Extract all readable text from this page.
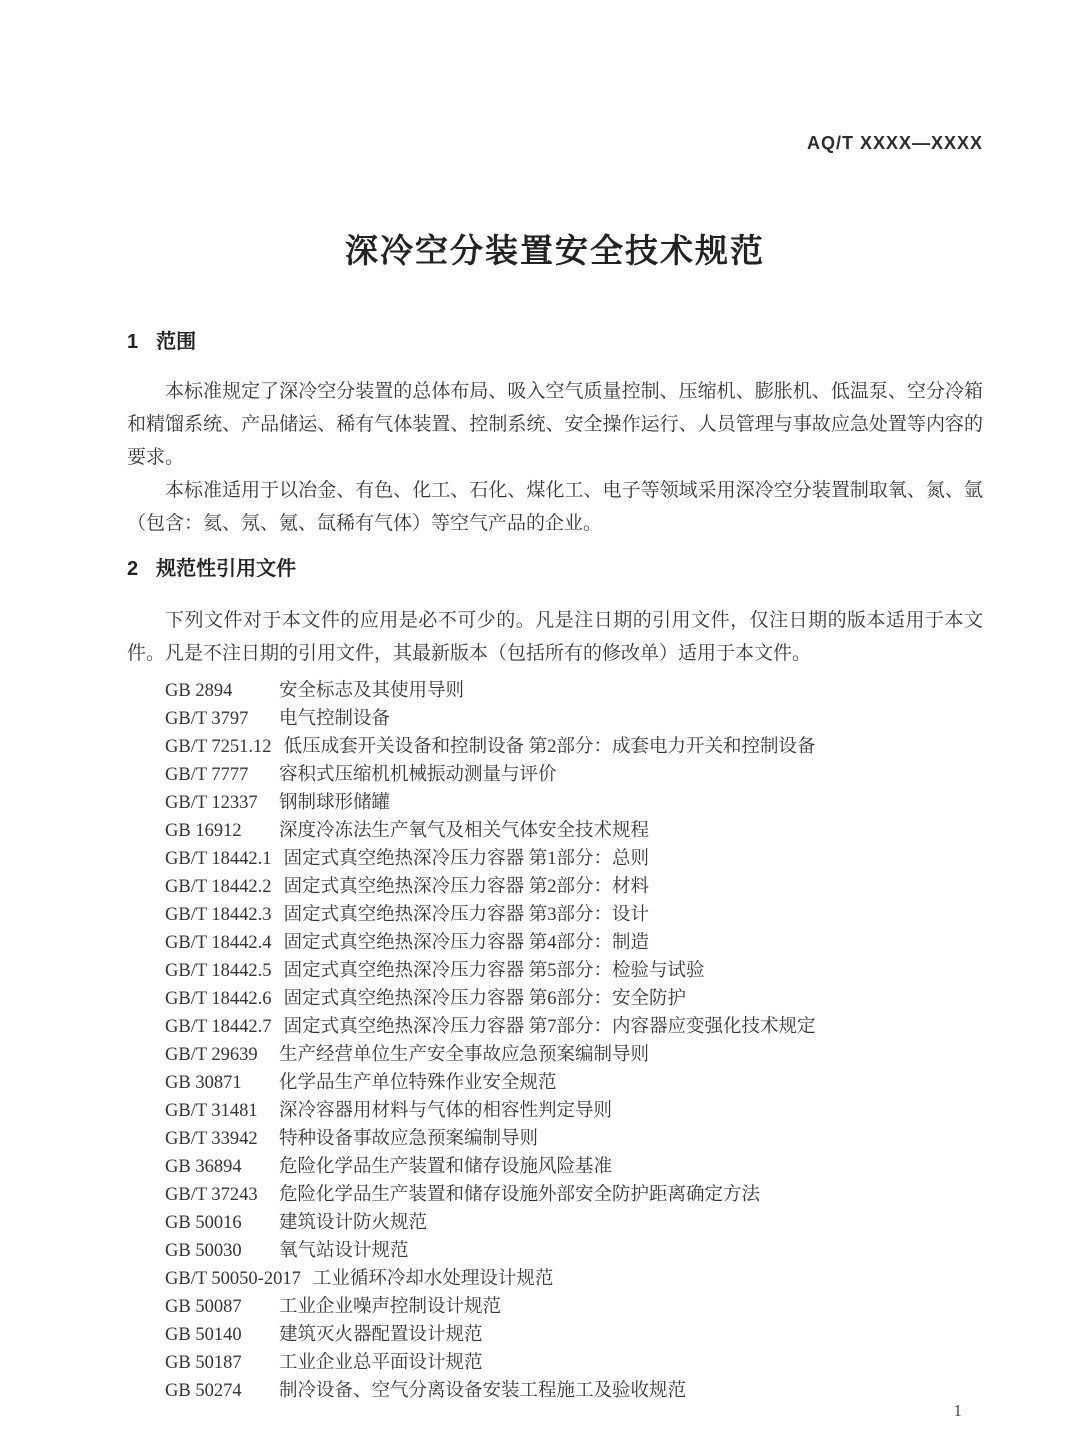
AQ/T XXXX—XXXX
深冷空分装置安全技术规范
1 范围

本标准规定了深冷空分装置的总体布局、吸入空气质量控制、压缩机、膨胀机、低温泵、空分冷箱和精馏系统、产品储运、稀有气体装置、控制系统、安全操作运行、人员管理与事故应急处置等内容的要求。

本标准适用于以冶金、有色、化工、石化、煤化工、电子等领域采用深冷空分装置制取氧、氮、氩（包含：氦、氖、氪、氙稀有气体）等空气产品的企业。

2 规范性引用文件

下列文件对于本文件的应用是必不可少的。凡是注日期的引用文件，仅注日期的版本适用于本文件。凡是不注日期的引用文件，其最新版本（包括所有的修改单）适用于本文件。

GB 2894	安全标志及其使用导则
GB/T 3797 电气控制设备
GB/T 7251.12 低压成套开关设备和控制设备 第2部分：成套电力开关和控制设备
GB/T 7777 容积式压缩机机械振动测量与评价
GB/T 12337 钢制球形储罐
GB 16912 深度冷冻法生产氧气及相关气体安全技术规程
GB/T 18442.1 固定式真空绝热深冷压力容器 第1部分：总则
GB/T 18442.2 固定式真空绝热深冷压力容器 第2部分：材料
GB/T 18442.3 固定式真空绝热深冷压力容器 第3部分：设计
GB/T 18442.4 固定式真空绝热深冷压力容器 第4部分：制造
GB/T 18442.5 固定式真空绝热深冷压力容器 第5部分：检验与试验
GB/T 18442.6 固定式真空绝热深冷压力容器 第6部分：安全防护
GB/T 18442.7 固定式真空绝热深冷压力容器 第7部分：内容器应变强化技术规定
GB/T 29639 生产经营单位生产安全事故应急预案编制导则
GB 30871 化学品生产单位特殊作业安全规范
GB/T 31481 深冷容器用材料与气体的相容性判定导则
GB/T 33942 特种设备事故应急预案编制导则
GB 36894 危险化学品生产装置和储存设施风险基准
GB/T 37243 危险化学品生产装置和储存设施外部安全防护距离确定方法
GB 50016 建筑设计防火规范
GB 50030 氧气站设计规范
GB/T 50050-2017 工业循环冷却水处理设计规范
GB 50087 工业企业噪声控制设计规范
GB 50140 建筑灭火器配置设计规范
GB 50187 工业企业总平面设计规范
GB 50274 制冷设备、空气分离设备安装工程施工及验收规范
1
